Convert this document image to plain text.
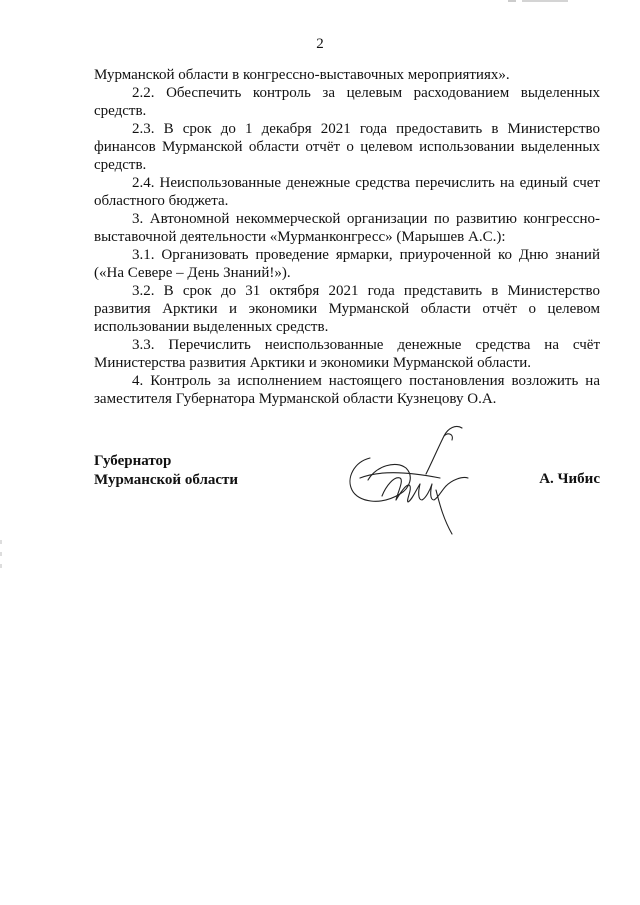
2

Мурманской области в конгрессно-выставочных мероприятиях».

2.2. Обеспечить контроль за целевым расходованием выделенных средств.

2.3. В срок до 1 декабря 2021 года предоставить в Министерство финансов Мурманской области отчёт о целевом использовании выделенных средств.

2.4. Неиспользованные денежные средства перечислить на единый счет областного бюджета.

3. Автономной некоммерческой организации по развитию конгрессно-выставочной деятельности «Мурманконгресс» (Марышев А.С.):

3.1. Организовать проведение ярмарки, приуроченной ко Дню знаний («На Севере – День Знаний!»).

3.2. В срок до 31 октября 2021 года представить в Министерство развития Арктики и экономики Мурманской области отчёт о целевом использовании выделенных средств.

3.3. Перечислить неиспользованные денежные средства на счёт Министерства развития Арктики и экономики Мурманской области.

4. Контроль за исполнением настоящего постановления возложить на заместителя Губернатора Мурманской области Кузнецову О.А.

Губернатор
Мурманской области	А. Чибис
